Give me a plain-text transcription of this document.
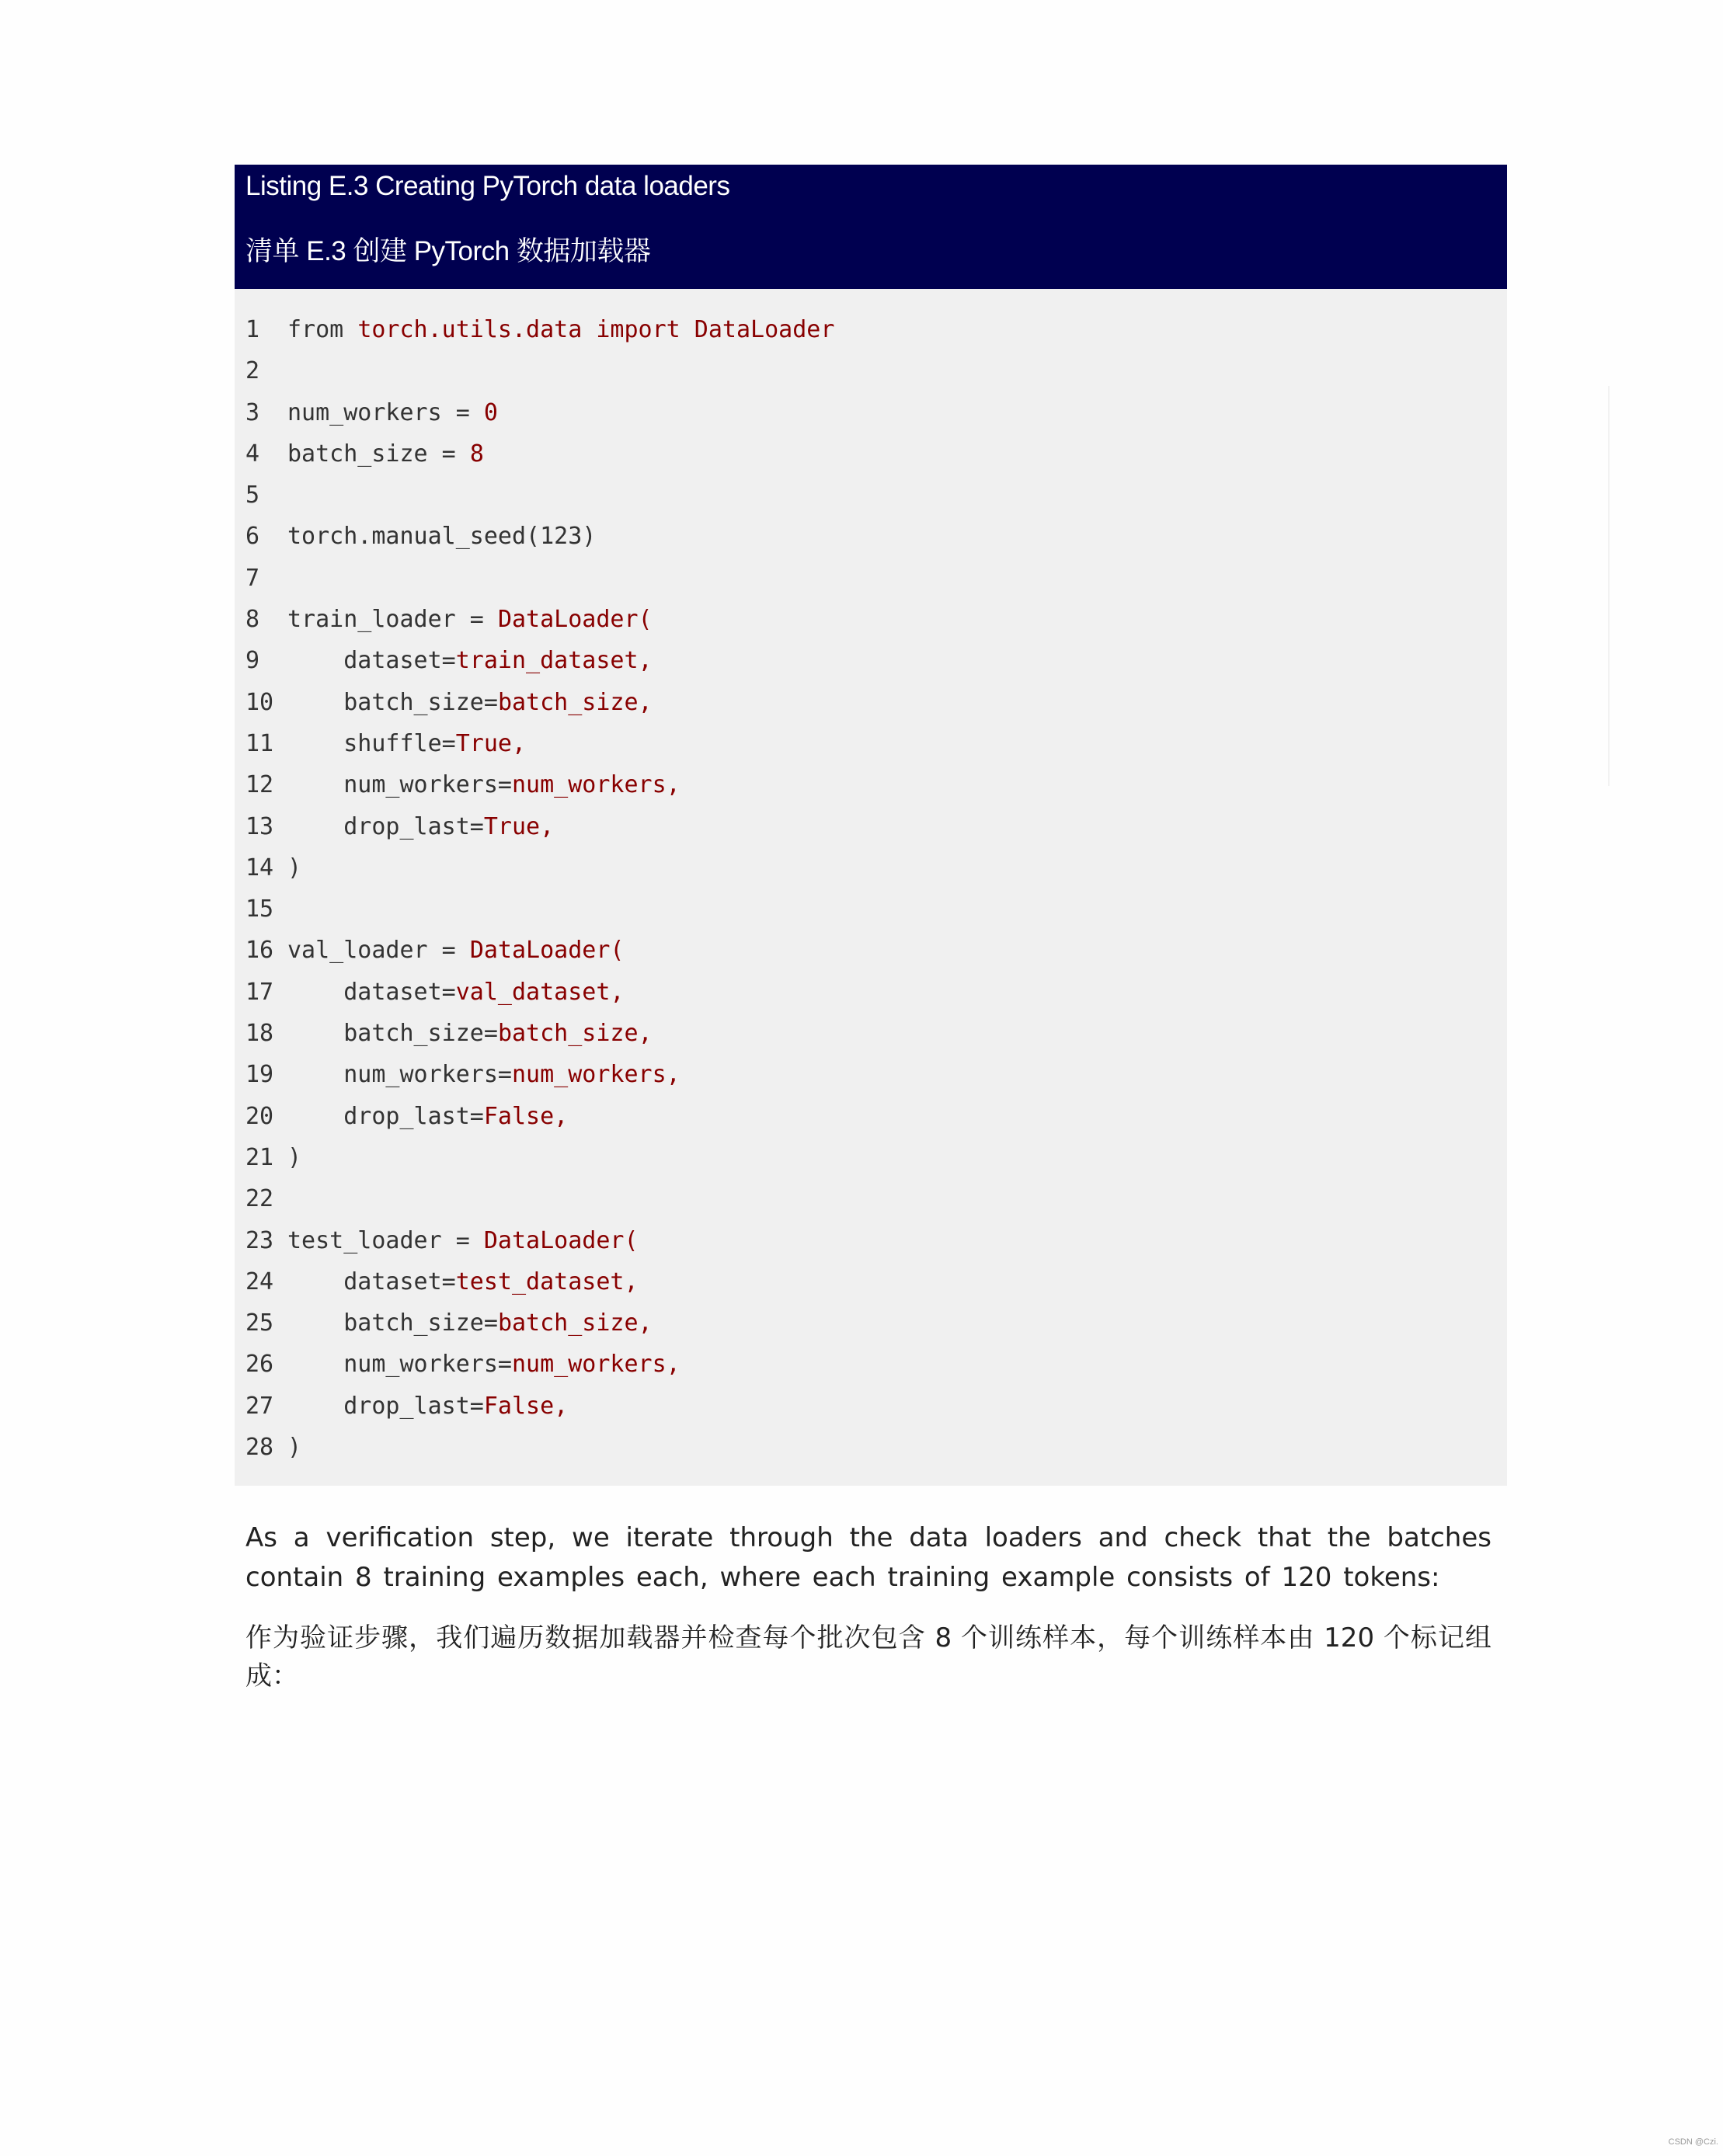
Listing E.3 Creating PyTorch data loaders
清单 E.3 创建 PyTorch 数据加载器
1 from torch.utils.data import DataLoader
2
3 num_workers = 0
4 batch_size = 8
5
6 torch.manual_seed(123)
7
8 train_loader = DataLoader(
9    dataset=train_dataset,
10    batch_size=batch_size,
11    shuffle=True,
12    num_workers=num_workers,
13    drop_last=True,
14 )
15
16 val_loader = DataLoader(
17    dataset=val_dataset,
18    batch_size=batch_size,
19    num_workers=num_workers,
20    drop_last=False,
21 )
22
23 test_loader = DataLoader(
24    dataset=test_dataset,
25    batch_size=batch_size,
26    num_workers=num_workers,
27    drop_last=False,
28 )
As a verification step, we iterate through the data loaders and check that the batches contain 8 training examples each, where each training example consists of 120 tokens:
作为验证步骤，我们遍历数据加载器并检查每个批次包含 8 个训练样本，每个训练样本由 120 个标记组成：
CSDN @Czi.
